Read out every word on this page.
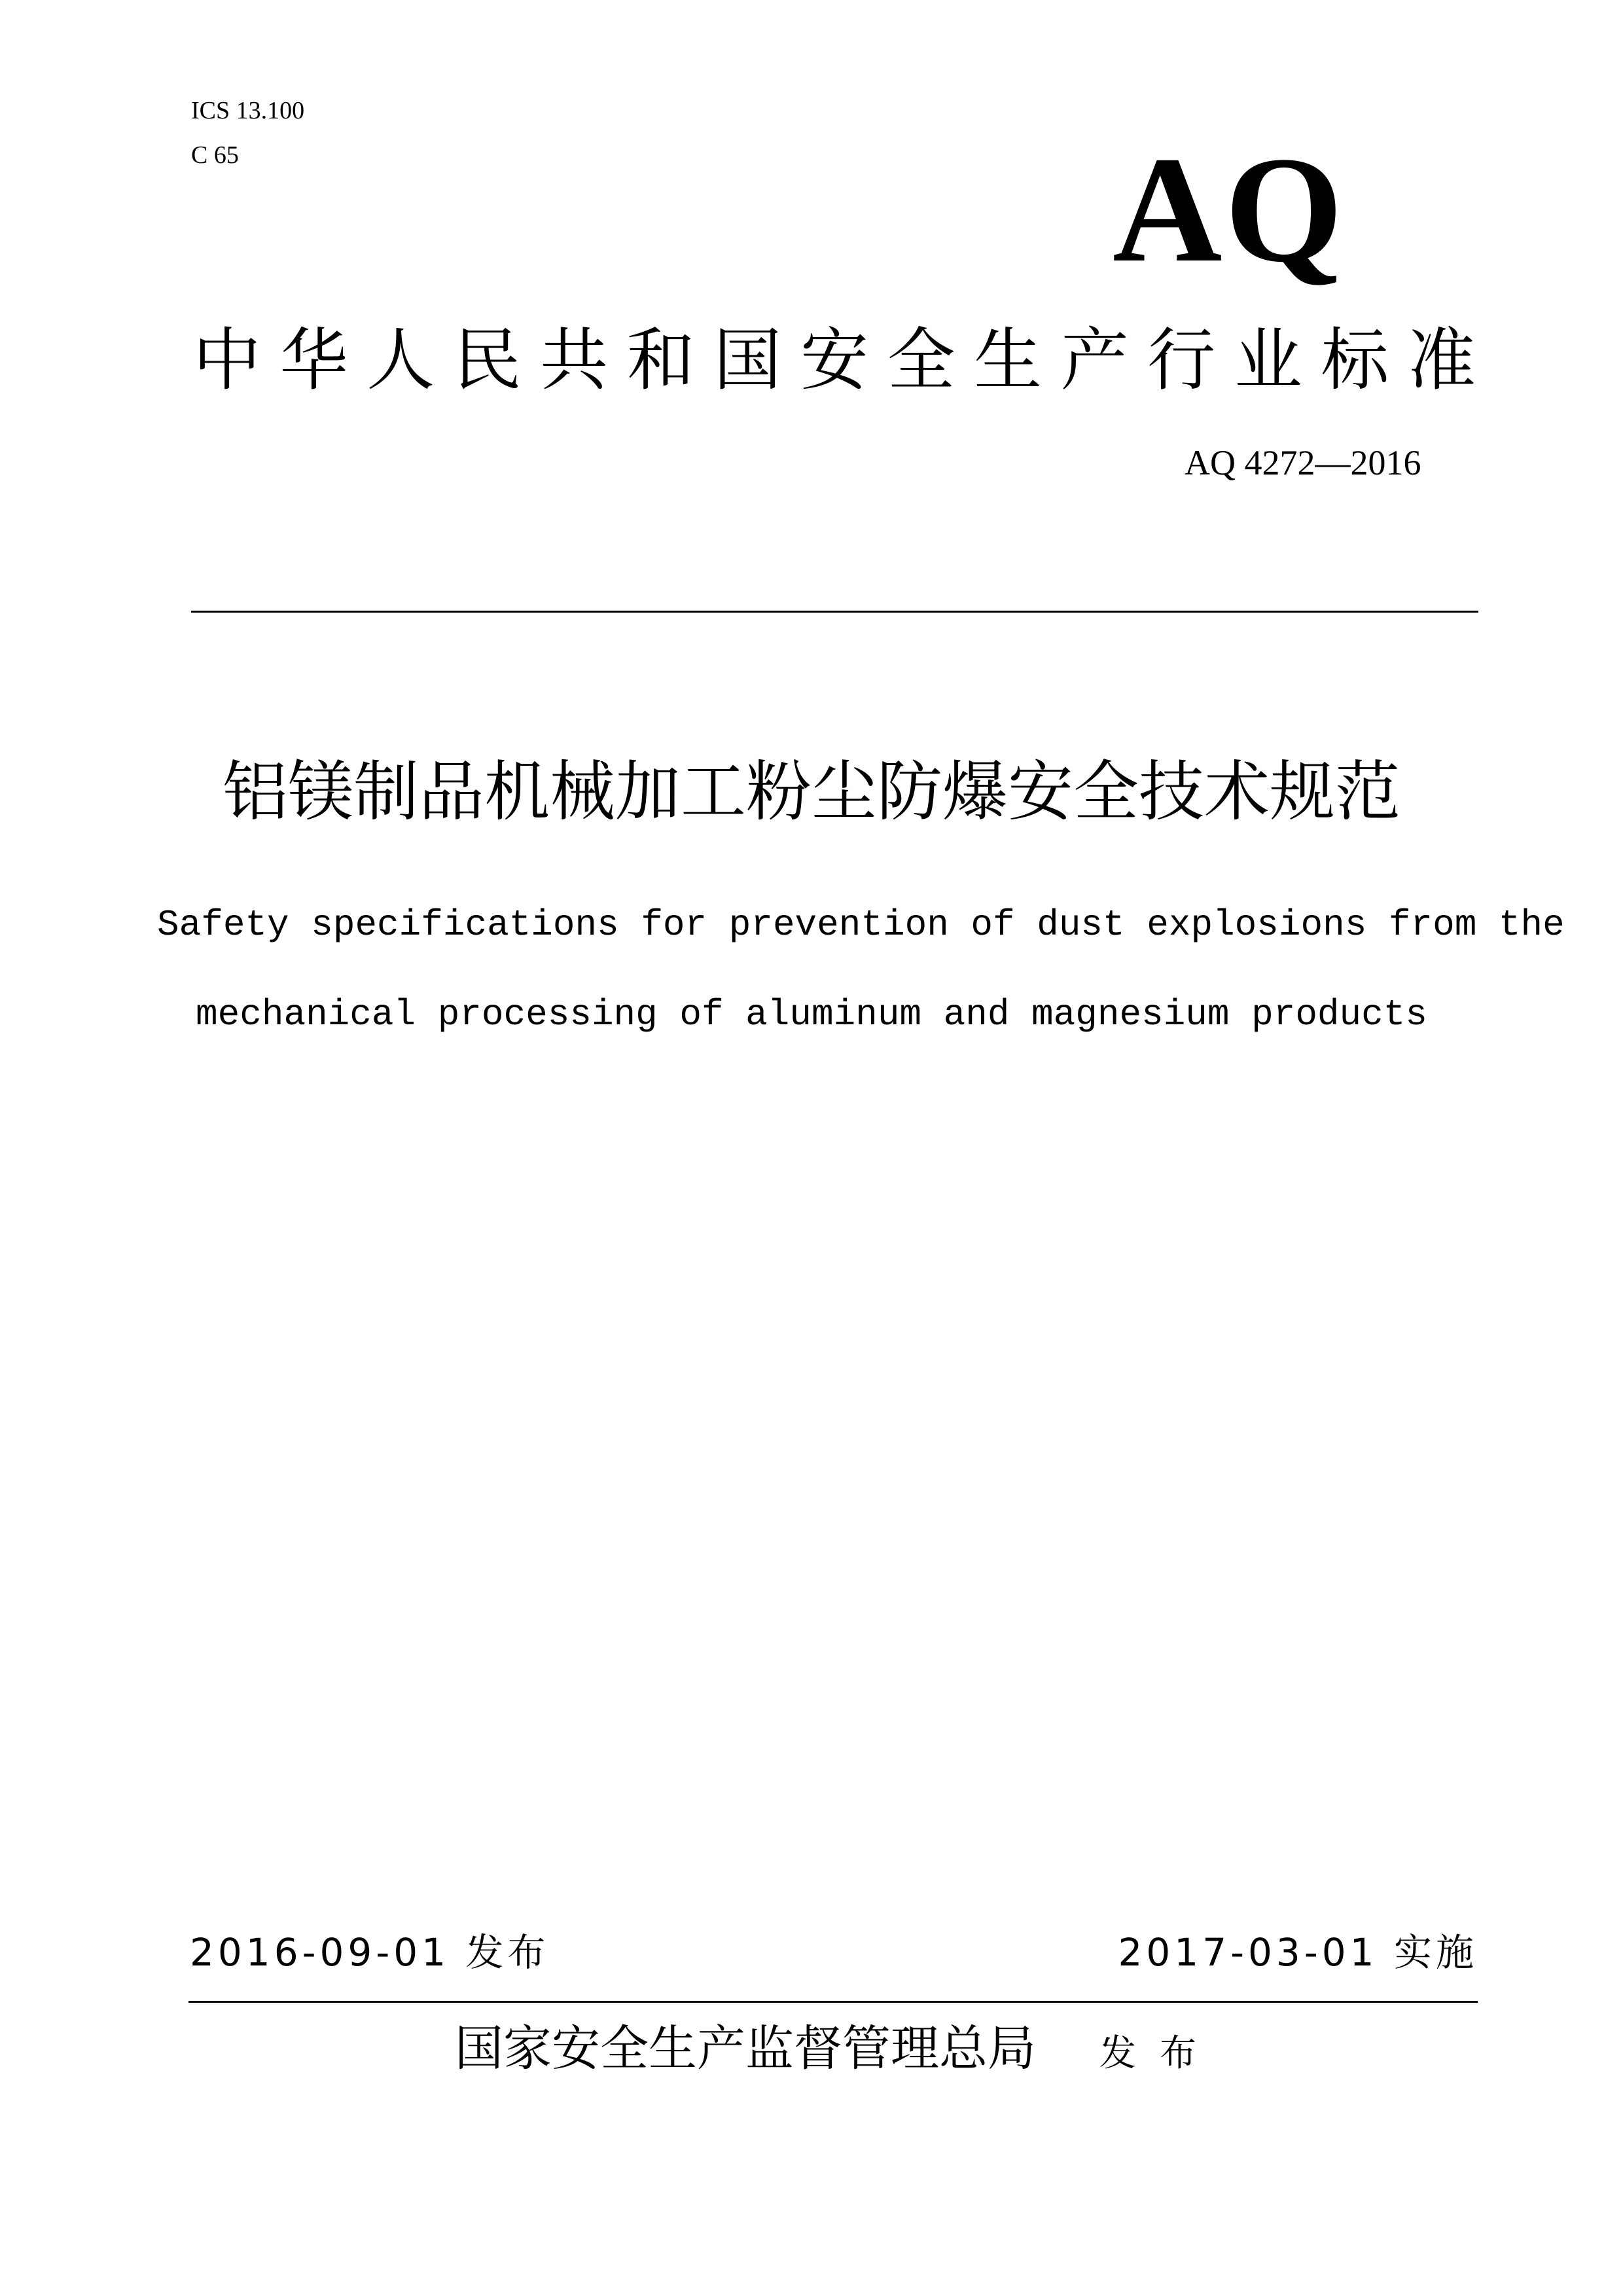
ICS 13.100
C 65	AQ
中华人民共和国安全生产行业标准
AQ 4272—2016
铝镁制品机械加工粉尘防爆安全技术规范
Safety specifications for prevention of dust explosions from the
mechanical processing of aluminum and magnesium products
2016-09-01 发布	2017-03-01 实施
国家安全生产监督管理总局 发布
